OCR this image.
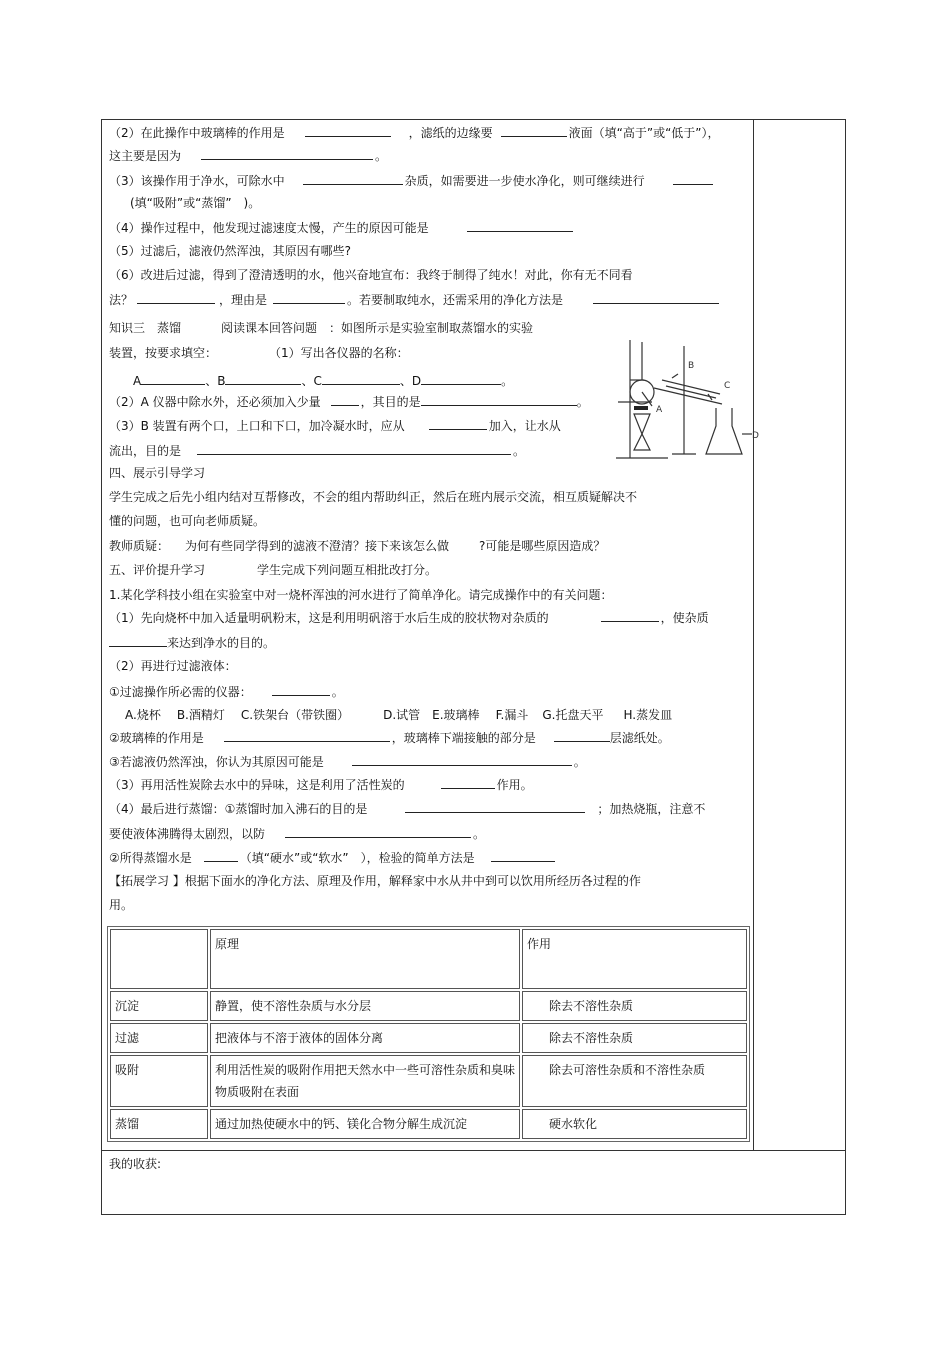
（2）在此操作中玻璃棒的作用是	，滤纸的边缘要	液面（填“高于”或“低于”），
这主要是因为	。
（3）该操作用于净水，可除水中	杂质，如需要进一步使水净化，则可继续进行
(填“吸附”或“蒸馏”　)。
（4）操作过程中，他发现过滤速度太慢，产生的原因可能是
（5）过滤后，滤液仍然浑浊，其原因有哪些?
（6）改进后过滤，得到了澄清透明的水，他兴奋地宣布：我终于制得了纯水！对此，你有无不同看
法？	，理由是	。若要制取纯水，还需采用的净化方法是
知识三　蒸馏	阅读课本回答问题　：如图所示是实验室制取蒸馏水的实验
装置，按要求填空：	（1）写出各仪器的名称：
A	、B	、C	、D	。
（2）A 仪器中除水外，还必须加入少量	，其目的是	。
（3）B 装置有两个口，上口和下口，加冷凝水时，应从	加入，让水从
流出，目的是	。
A
B
C
D
四、展示引导学习
学生完成之后先小组内结对互帮修改，不会的组内帮助纠正，然后在班内展示交流，相互质疑解决不
懂的问题，也可向老师质疑。
教师质疑： 为何有些同学得到的滤液不澄清？接下来该怎么做	?可能是哪些原因造成？
五、评价提升学习	学生完成下列问题互相批改打分。
1.某化学科技小组在实验室中对一烧杯浑浊的河水进行了简单净化。请完成操作中的有关问题：
（1）先向烧杯中加入适量明矾粉末，这是利用明矾溶于水后生成的胶状物对杂质的	，使杂质
来达到净水的目的。
（2）再进行过滤液体：
①过滤操作所必需的仪器：	。
A.烧杯 B.酒精灯 C.铁架台（带铁圈）	D.试管 E.玻璃棒 F.漏斗 G.托盘天平 H.蒸发皿
②玻璃棒的作用是	，玻璃棒下端接触的部分是	层滤纸处。
③若滤液仍然浑浊，你认为其原因可能是	。
（3）再用活性炭除去水中的异味，这是利用了活性炭的	作用。
（4）最后进行蒸馏：①蒸馏时加入沸石的目的是	；加热烧瓶，注意不
要使液体沸腾得太剧烈，以防	。
②所得蒸馏水是	（填“硬水”或“软水”　），检验的简单方法是
【拓展学习 】根据下面水的净化方法、原理及作用，解释家中水从井中到可以饮用所经历各过程的作
用。
	原理	作用
沉淀	静置，使不溶性杂质与水分层	除去不溶性杂质
过滤	把液体与不溶于液体的固体分离	除去不溶性杂质
吸附	利用活性炭的吸附作用把天然水中一些可溶性杂质和臭味物质吸附在表面	除去可溶性杂质和不溶性杂质
蒸馏	通过加热使硬水中的钙、镁化合物分解生成沉淀	硬水软化
我的收获:
